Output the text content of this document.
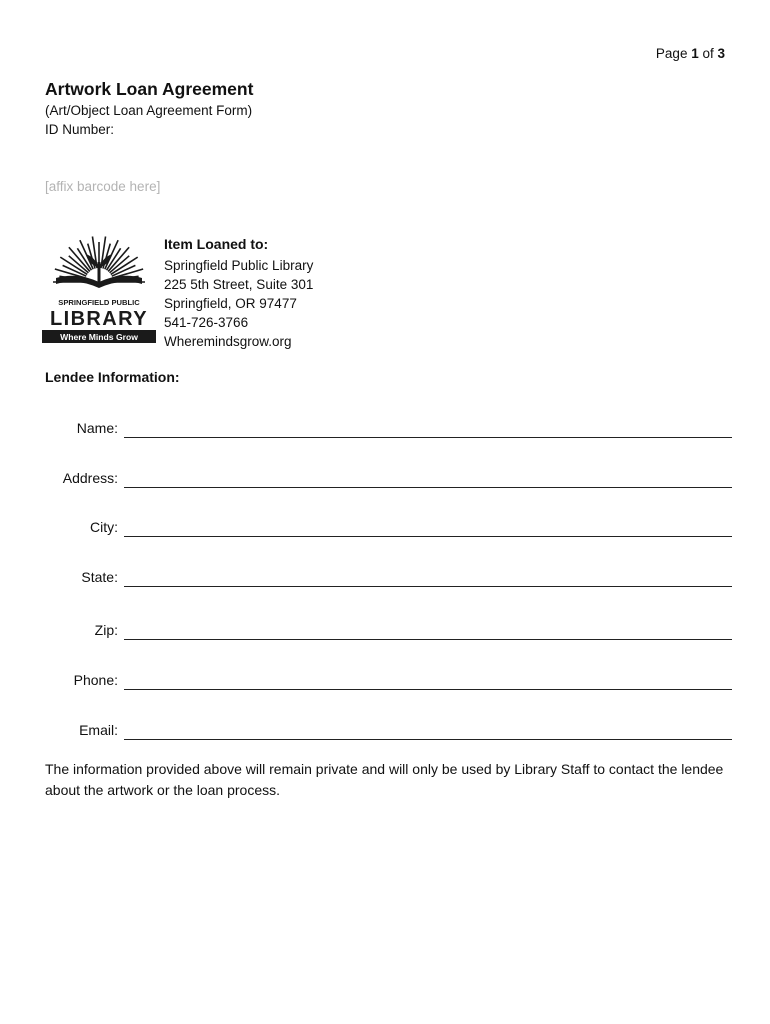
Page 1 of 3
Artwork Loan Agreement
(Art/Object Loan Agreement Form)
ID Number:
[affix barcode here]
SPRINGFIELD PUBLIC
LIBRARY
Where Minds Grow
Item Loaned to:
Springfield Public Library
225 5th Street, Suite 301
Springfield, OR 97477
541-726-3766
Wheremindsgrow.org
Lendee Information:
Name:
Address:
City:
State:
Zip:
Phone:
Email:
The information provided above will remain private and will only be used by Library Staff to contact the lendee about the artwork or the loan process.
